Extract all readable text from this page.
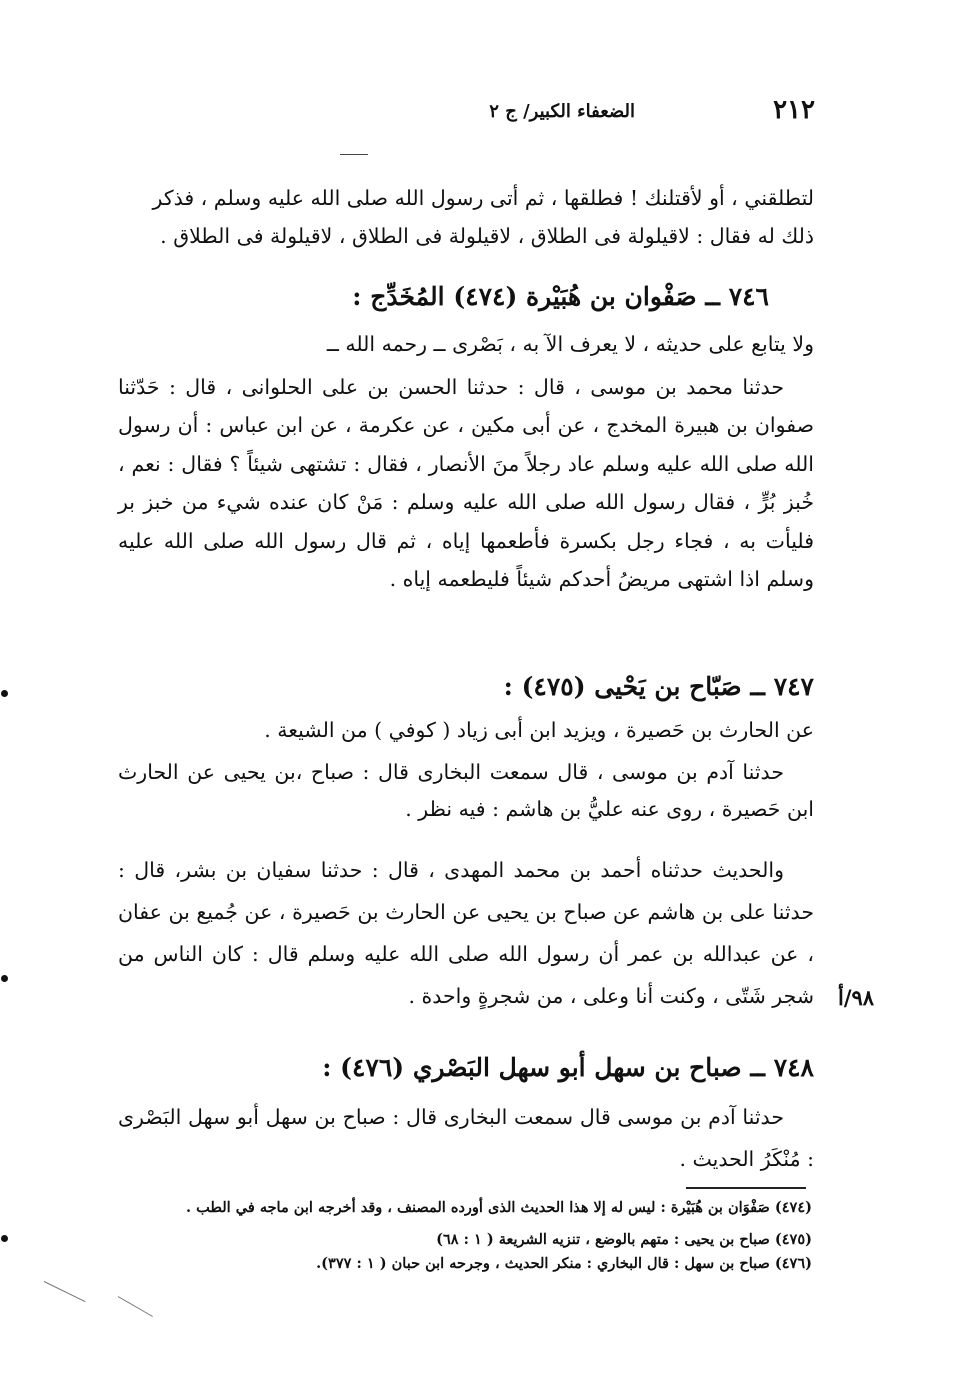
٢١٢
الضعفاء الكبير/ ج ٢

لتطلقني ، أو لأقتلنك ! فطلقها ، ثم أتى رسول الله صلى الله عليه وسلم ، فذكر

ذلك له فقال : لاقيلولة فى الطلاق ، لاقيلولة فى الطلاق ، لاقيلولة فى الطلاق .

٧٤٦ ــ صَفْوان بن هُبَيْرة (٤٧٤) المُخَدِّج :

ولا يتابع على حديثه ، لا يعرف الآ به ، بَصْرى ــ رحمه الله ــ

حدثنا محمد بن موسى ، قال : حدثنا الحسن بن على الحلوانى ، قال : حَدّثنا صفوان بن هبيرة المخدج ، عن أبى مكين ، عن عكرمة ، عن ابن عباس : أن رسول الله صلى الله عليه وسلم عاد رجلاً منَ الأنصار ، فقال : تشتهى شيئاً ؟ فقال : نعم ، خُبز بُرٍّ ، فقال رسول الله صلى الله عليه وسلم : مَنْ كان عنده شيء من خبز بر فليأت به ، فجاء رجل بكسرة فأطعمها إياه ، ثم قال رسول الله صلى الله عليه وسلم اذا اشتهى مريضُ أحدكم شيئاً فليطعمه إياه .

٧٤٧ ــ صَبّاح بن يَحْيى (٤٧٥) :

عن الحارث بن حَصيرة ، ويزيد ابن أبى زياد ( كوفي ) من الشيعة .

حدثنا آدم بن موسى ، قال سمعت البخارى قال : صباح ،بن يحيى عن الحارث ابن حَصيرة ، روى عنه عليُّ بن هاشم : فيه نظر .

والحديث حدثناه أحمد بن محمد المهدى ، قال : حدثنا سفيان بن بشر، قال : حدثنا على بن هاشم عن صباح بن يحيى عن الحارث بن حَصيرة ، عن جُميع بن عفان ، عن عبدالله بن عمر أن رسول الله صلى الله عليه وسلم قال : كان الناس من شجر شَتّى ، وكنت أنا وعلى ، من شجرةٍ واحدة . ٩٨/أ
٧٤٨ ــ صباح بن سهل أبو سهل البَصْري (٤٧٦) :

حدثنا آدم بن موسى قال سمعت البخارى قال : صباح بن سهل أبو سهل البَصْرى : مُنْكَرُ الحديث .

(٤٧٤) صَفْوَان بن هُبَيْرة : ليس له إلا هذا الحديث الذى أورده المصنف ، وقد أخرجه ابن ماجه في الطب .

(٤٧٥) صباح بن يحيى : متهم بالوضع ، تنزيه الشريعة ( ١ : ٦٨)

(٤٧٦) صباح بن سهل : قال البخاري : منكر الحديث ، وجرحه ابن حبان ( ١ : ٣٧٧).
